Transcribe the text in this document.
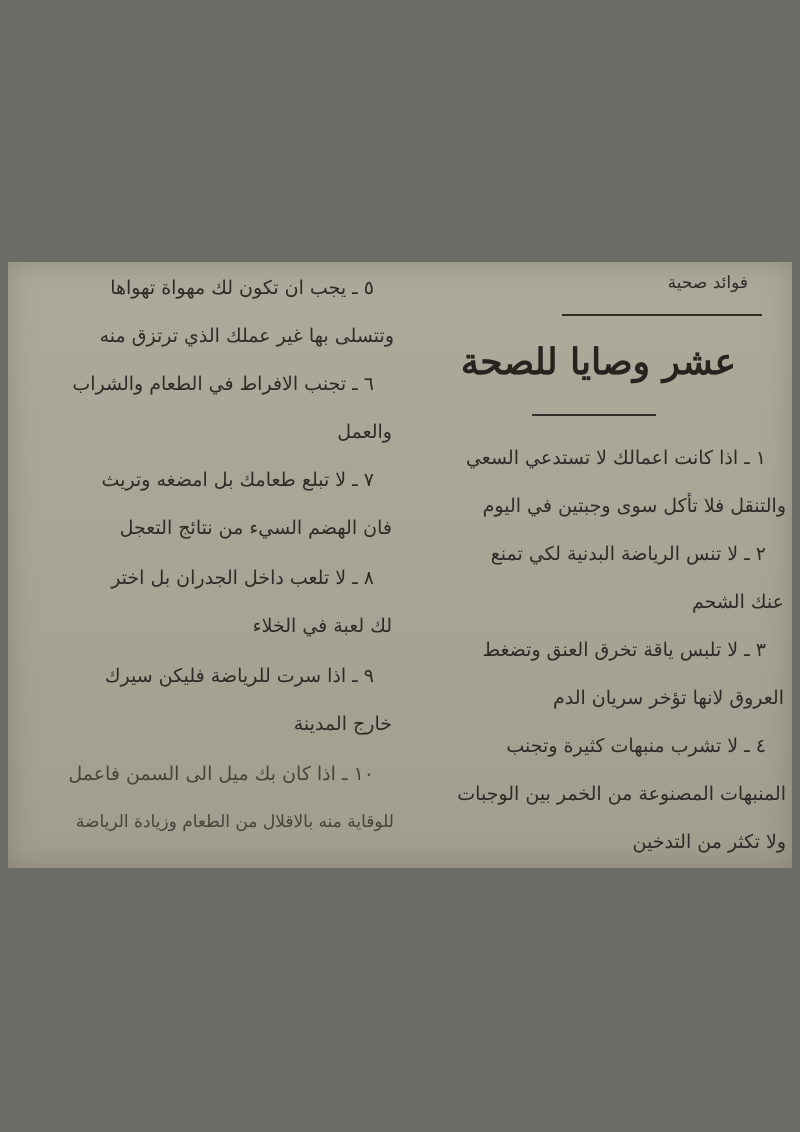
فوائد صحية
عشر وصايا للصحة
١ ـ اذا كانت اعمالك لا تستدعي السعي
والتنقل فلا تأكل سوى وجبتين في اليوم
٢ ـ لا تنس الرياضة البدنية لكي تمنع
عنك الشحم
٣ ـ لا تلبس ياقة تخرق العنق وتضغط
العروق لانها تؤخر سريان الدم
٤ ـ لا تشرب منبهات كثيرة وتجنب
المنبهات المصنوعة من الخمر بين الوجبات
ولا تكثر من التدخين
٥ ـ يجب ان تكون لك مهواة تهواها
وتتسلى بها غير عملك الذي ترتزق منه
٦ ـ تجنب الافراط في الطعام والشراب
والعمل
٧ ـ لا تبلع طعامك بل امضغه وتريث
فان الهضم السيء من نتائج التعجل
٨ ـ لا تلعب داخل الجدران بل اختر
لك لعبة في الخلاء
٩ ـ اذا سرت للرياضة فليكن سيرك
خارج المدينة
١٠ ـ اذا كان بك ميل الى السمن فاعمل
للوقاية منه بالاقلال من الطعام وزيادة الرياضة
